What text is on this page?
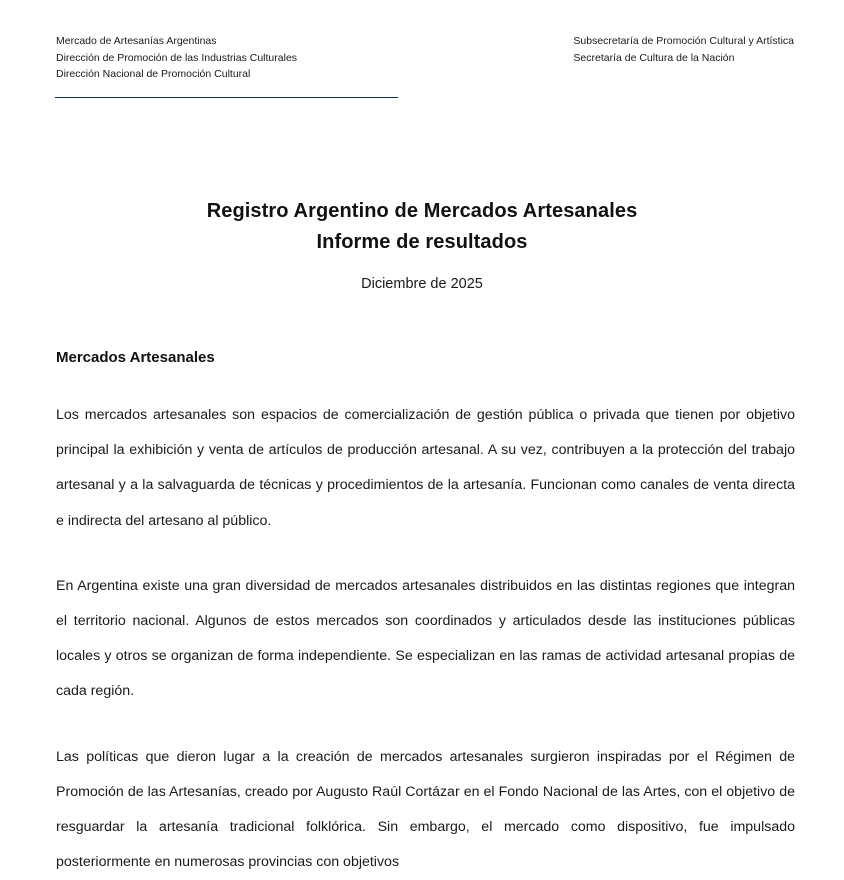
Mercado de Artesanías Argentinas
Dirección de Promoción de las Industrias Culturales
Dirección Nacional de Promoción Cultural
Subsecretaría de Promoción Cultural y Artística
Secretaría de Cultura de la Nación
Registro Argentino de Mercados Artesanales
Informe de resultados
Diciembre de 2025
Mercados Artesanales

Los mercados artesanales son espacios de comercialización de gestión pública o privada que tienen por objetivo principal la exhibición y venta de artículos de producción artesanal. A su vez, contribuyen a la protección del trabajo artesanal y a la salvaguarda de técnicas y procedimientos de la artesanía. Funcionan como canales de venta directa e indirecta del artesano al público.

En Argentina existe una gran diversidad de mercados artesanales distribuidos en las distintas regiones que integran el territorio nacional. Algunos de estos mercados son coordinados y articulados desde las instituciones públicas locales y otros se organizan de forma independiente. Se especializan en las ramas de actividad artesanal propias de cada región.

Las políticas que dieron lugar a la creación de mercados artesanales surgieron inspiradas por el Régimen de Promoción de las Artesanías, creado por Augusto Raúl Cortázar en el Fondo Nacional de las Artes, con el objetivo de resguardar la artesanía tradicional folklórica. Sin embargo, el mercado como dispositivo, fue impulsado posteriormente en numerosas provincias con objetivos
